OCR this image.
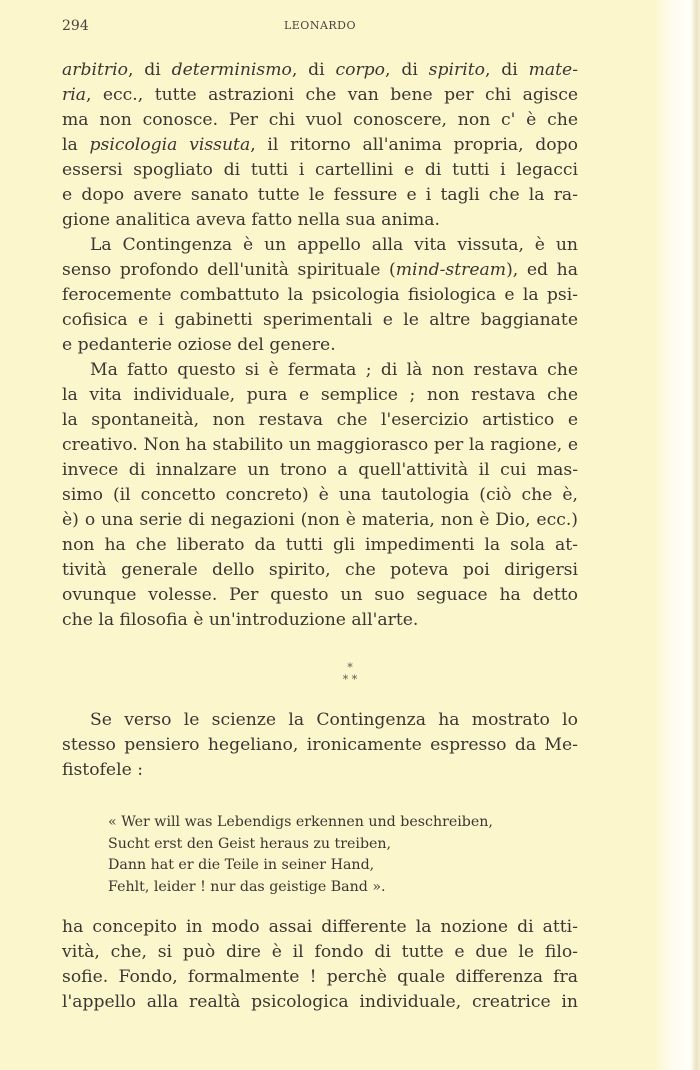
294	LEONARDO
arbitrio, di determinismo, di corpo, di spirito, di mate-
ria, ecc., tutte astrazioni che van bene per chi agisce
ma non conosce. Per chi vuol conoscere, non c' è che
la psicologia vissuta, il ritorno all'anima propria, dopo
essersi spogliato di tutti i cartellini e di tutti i legacci
e dopo avere sanato tutte le fessure e i tagli che la ra-
gione analitica aveva fatto nella sua anima.
La Contingenza è un appello alla vita vissuta, è un
senso profondo dell'unità spirituale (mind-stream), ed ha
ferocemente combattuto la psicologia fisiologica e la psi-
cofisica e i gabinetti sperimentali e le altre baggianate
e pedanterie oziose del genere.
Ma fatto questo si è fermata ; di là non restava che
la vita individuale, pura e semplice ; non restava che
la spontaneità, non restava che l'esercizio artistico e
creativo. Non ha stabilito un maggiorasco per la ragione, e
invece di innalzare un trono a quell'attività il cui mas-
simo (il concetto concreto) è una tautologia (ciò che è,
è) o una serie di negazioni (non è materia, non è Dio, ecc.)
non ha che liberato da tutti gli impedimenti la sola at-
tività generale dello spirito, che poteva poi dirigersi
ovunque volesse. Per questo un suo seguace ha detto
che la filosofia è un'introduzione all'arte.
Se verso le scienze la Contingenza ha mostrato lo
stesso pensiero hegeliano, ironicamente espresso da Me-
fistofele :
ha concepito in modo assai differente la nozione di atti-
vità, che, si può dire è il fondo di tutte e due le filo-
sofie. Fondo, formalmente ! perchè quale differenza fra
l'appello alla realtà psicologica individuale, creatrice in
*
* *
« Wer will was Lebendigs erkennen und beschreiben,
Sucht erst den Geist heraus zu treiben,
Dann hat er die Teile in seiner Hand,
Fehlt, leider ! nur das geistige Band ».
